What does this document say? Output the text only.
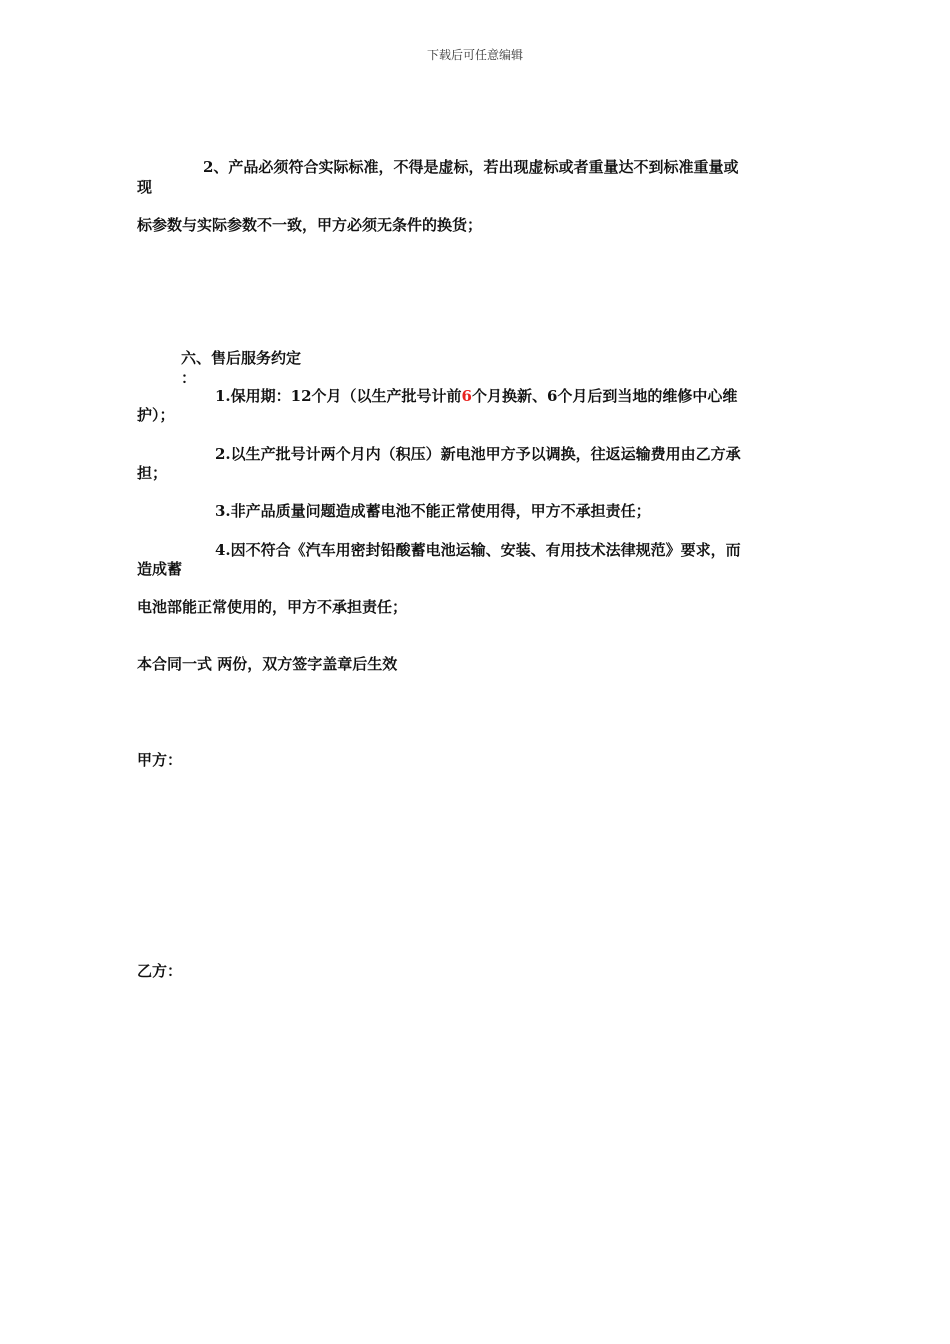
下载后可任意编辑
2、产品必须符合实际标准，不得是虚标，若出现虚标或者重量达不到标准重量或
现
标参数与实际参数不一致，甲方必须无条件的换货；
六、售后服务约定
：
1.保用期：12个月（以生产批号计前6个月换新、6个月后到当地的维修中心维
护）；
2.以生产批号计两个月内（积压）新电池甲方予以调换，往返运输费用由乙方承
担；
3.非产品质量问题造成蓄电池不能正常使用得，甲方不承担责任；
4.因不符合《汽车用密封铅酸蓄电池运输、安装、有用技术法律规范》要求，而
造成蓄
电池部能正常使用的，甲方不承担责任；
本合同一式 两份，双方签字盖章后生效
甲方：
乙方：
